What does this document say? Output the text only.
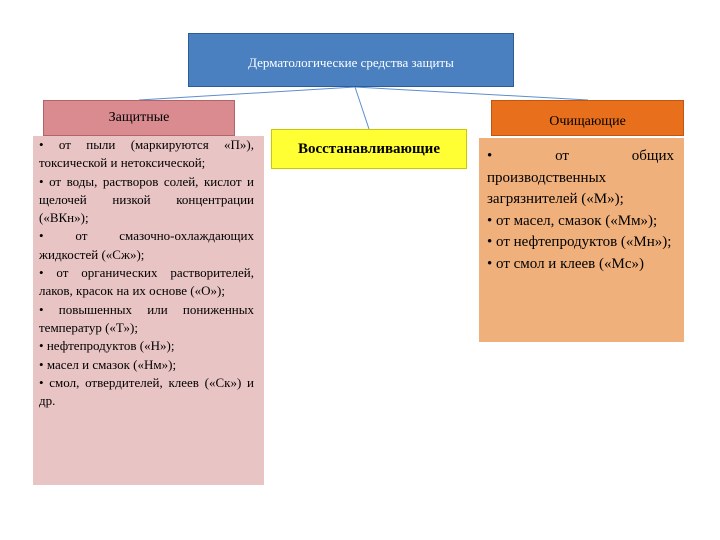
Дерматологические средства защиты
Защитные

• от пыли (маркируются «П»), токсической и нетоксической;

• от воды, растворов солей, кислот и щелочей низкой концентрации («ВКн»);

• от смазочно-охлаждающих жидкостей («Сж»);

• от органических растворителей, лаков, красок на их основе («О»);

• повышенных или пониженных температур («Т»);

• нефтепродуктов («Н»);

• масел и смазок («Нм»);

• смол, отвердителей, клеев («Ск») и др.

Восстанавливающие
Очищающие

• от общих производственных загрязнителей («М»);

• от масел, смазок («Мм»);

• от нефтепродуктов («Мн»);

• от смол и клеев («Мс»)
